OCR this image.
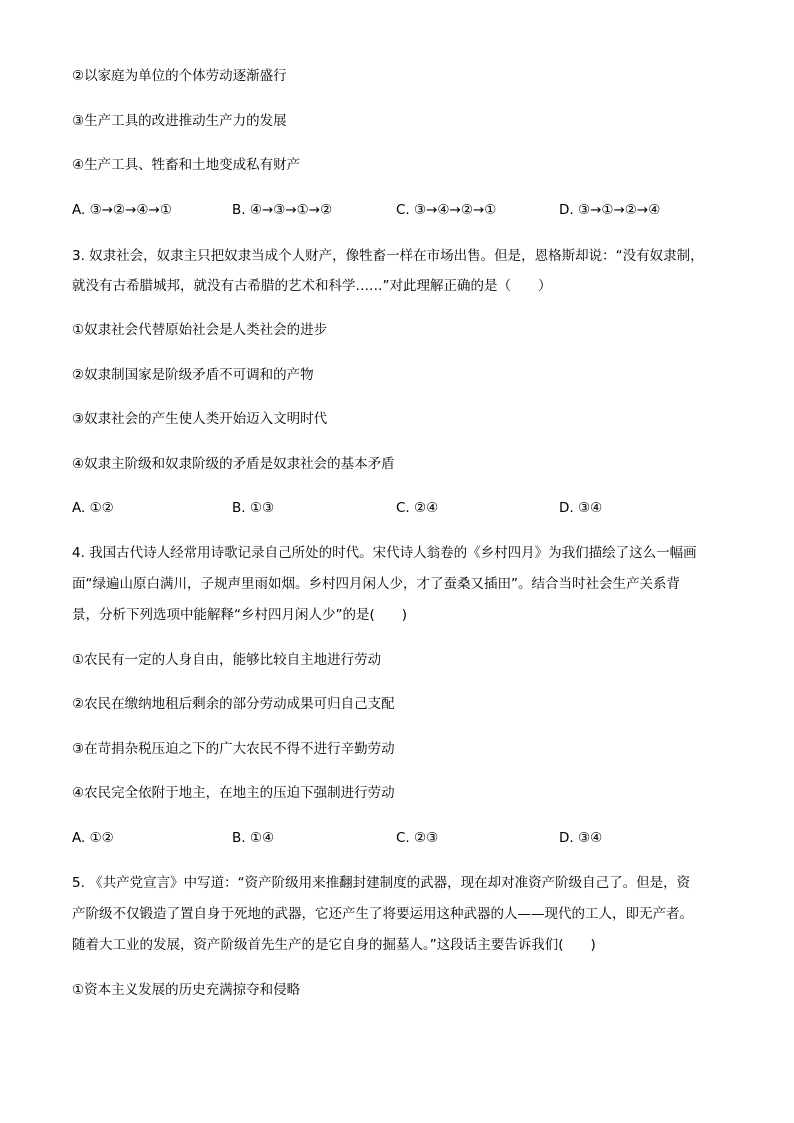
②以家庭为单位的个体劳动逐渐盛行
③生产工具的改进推动生产力的发展
④生产工具、牲畜和土地变成私有财产
A. ③→②→④→①	B. ④→③→①→②	C. ③→④→②→①	D. ③→①→②→④
3. 奴隶社会，奴隶主只把奴隶当成个人财产，像牲畜一样在市场出售。但是，恩格斯却说：“没有奴隶制，
就没有古希腊城邦，就没有古希腊的艺术和科学……”对此理解正确的是（　　）
①奴隶社会代替原始社会是人类社会的进步
②奴隶制国家是阶级矛盾不可调和的产物
③奴隶社会的产生使人类开始迈入文明时代
④奴隶主阶级和奴隶阶级的矛盾是奴隶社会的基本矛盾
A. ①②	B. ①③	C. ②④	D. ③④
4. 我国古代诗人经常用诗歌记录自己所处的时代。宋代诗人翁卷的《乡村四月》为我们描绘了这么一幅画
面“绿遍山原白满川，子规声里雨如烟。乡村四月闲人少，才了蚕桑又插田”。结合当时社会生产关系背
景，分析下列选项中能解释“乡村四月闲人少”的是(　　)
①农民有一定的人身自由，能够比较自主地进行劳动
②农民在缴纳地租后剩余的部分劳动成果可归自己支配
③在苛捐杂税压迫之下的广大农民不得不进行辛勤劳动
④农民完全依附于地主，在地主的压迫下强制进行劳动
A. ①②	B. ①④	C. ②③	D. ③④
5. 《共产党宣言》中写道：“资产阶级用来推翻封建制度的武器，现在却对准资产阶级自己了。但是，资
产阶级不仅锻造了置自身于死地的武器，它还产生了将要运用这种武器的人——现代的工人，即无产者。
随着大工业的发展，资产阶级首先生产的是它自身的掘墓人。”这段话主要告诉我们(　　)
①资本主义发展的历史充满掠夺和侵略
